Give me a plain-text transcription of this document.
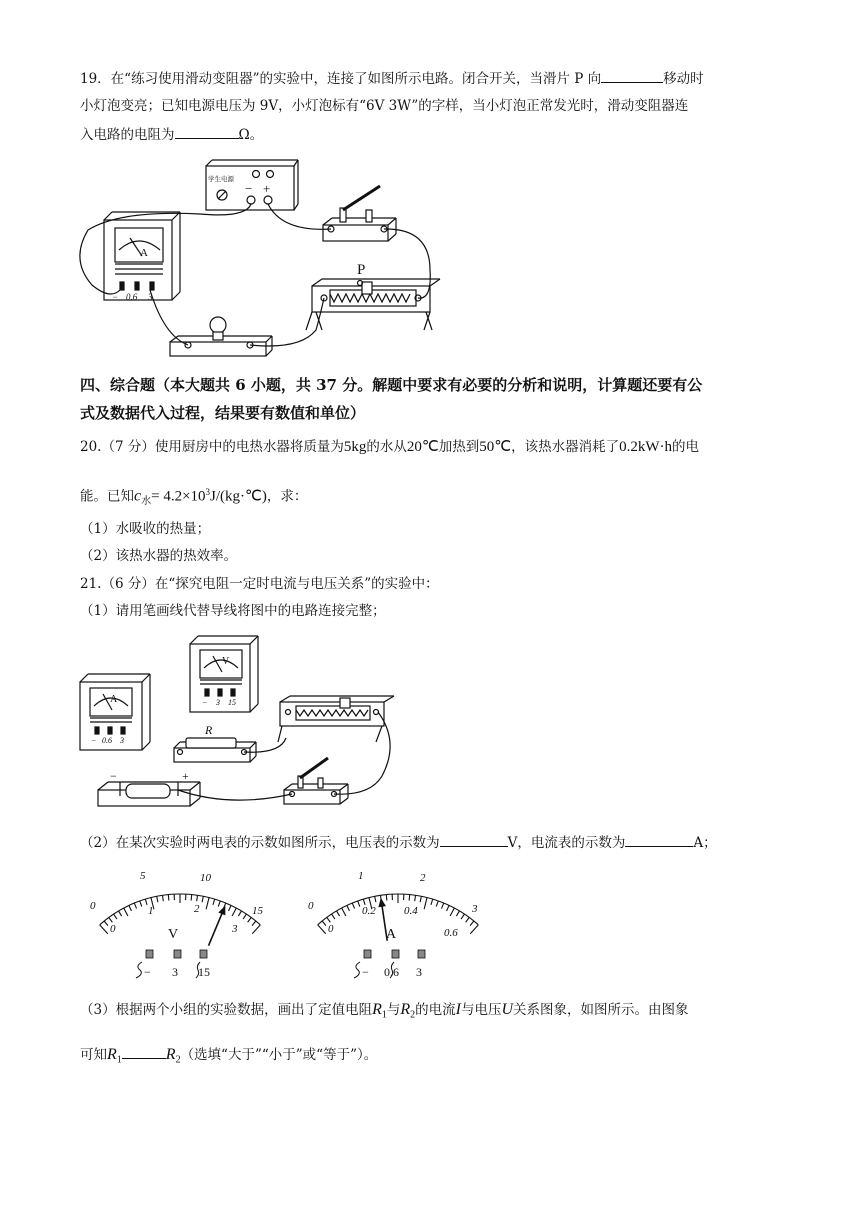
19．在“练习使用滑动变阻器”的实验中，连接了如图所示电路。闭合开关，当滑片 P 向	移动时
小灯泡变亮；已知电源电压为 9V，小灯泡标有“6V 3W”的字样，当小灯泡正常发光时，滑动变阻器连
入电路的电阻为	Ω。
学生电源
− +
A
− 0.6 3
P
四、综合题（本大题共 6 小题，共 37 分。解题中要求有必要的分析和说明，计算题还要有公
式及数据代入过程，结果要有数值和单位）
20.（7 分）使用厨房中的电热水器将质量为5kg的水从20℃加热到50℃，该热水器消耗了0.2kW·h的电
能。已知$c_水=$ $4.2\times 10^3J/(kg\cdot℃)$，求：
（1）水吸收的热量；
（2）该热水器的热效率。
21.（6 分）在“探究电阻一定时电流与电压关系”的实验中：
（1）请用笔画线代替导线将图中的电路连接完整；
V
− 3 15
A
− 0.6 3
R
−	+
（2）在某次实验时两电表的示数如图所示，电压表的示数为	V，电流表的示数为	A；
0
5	10
15
0
1	2
3
V
− 3 15
0
1	2
3
0
0.2	0.4
0.6
A
− 0.6 3
（3）根据两个小组的实验数据，画出了定值电阻$R_1$与$R_2$的电流I与电压U关系图象，如图所示。由图象
可知$R_1$	$R_2$（选填“大于”“小于”或“等于”）。
